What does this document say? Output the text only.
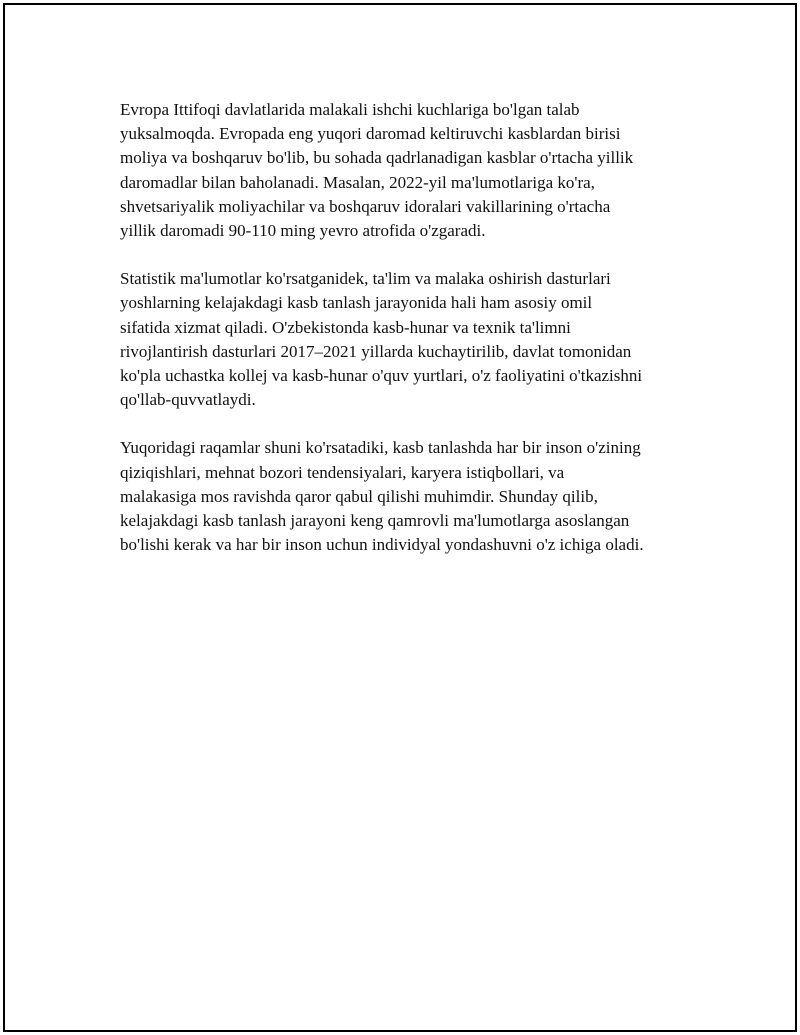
Evropa Ittifoqi davlatlarida malakali ishchi kuchlariga bo'lgan talab
yuksalmoqda. Evropada eng yuqori daromad keltiruvchi kasblardan birisi
moliya va boshqaruv bo'lib, bu sohada qadrlanadigan kasblar o'rtacha yillik
daromadlar bilan baholanadi. Masalan, 2022-yil ma'lumotlariga ko'ra,
shvetsariyalik moliyachilar va boshqaruv idoralari vakillarining o'rtacha
yillik daromadi 90-110 ming yevro atrofida o'zgaradi.

Statistik ma'lumotlar ko'rsatganidek, ta'lim va malaka oshirish dasturlari
yoshlarning kelajakdagi kasb tanlash jarayonida hali ham asosiy omil
sifatida xizmat qiladi. O'zbekistonda kasb-hunar va texnik ta'limni
rivojlantirish dasturlari 2017–2021 yillarda kuchaytirilib, davlat tomonidan
ko'pla uchastka kollej va kasb-hunar o'quv yurtlari, o'z faoliyatini o'tkazishni
qo'llab-quvvatlaydi.

Yuqoridagi raqamlar shuni ko'rsatadiki, kasb tanlashda har bir inson o'zining
qiziqishlari, mehnat bozori tendensiyalari, karyera istiqbollari, va
malakasiga mos ravishda qaror qabul qilishi muhimdir. Shunday qilib,
kelajakdagi kasb tanlash jarayoni keng qamrovli ma'lumotlarga asoslangan
bo'lishi kerak va har bir inson uchun individyal yondashuvni o'z ichiga oladi.
